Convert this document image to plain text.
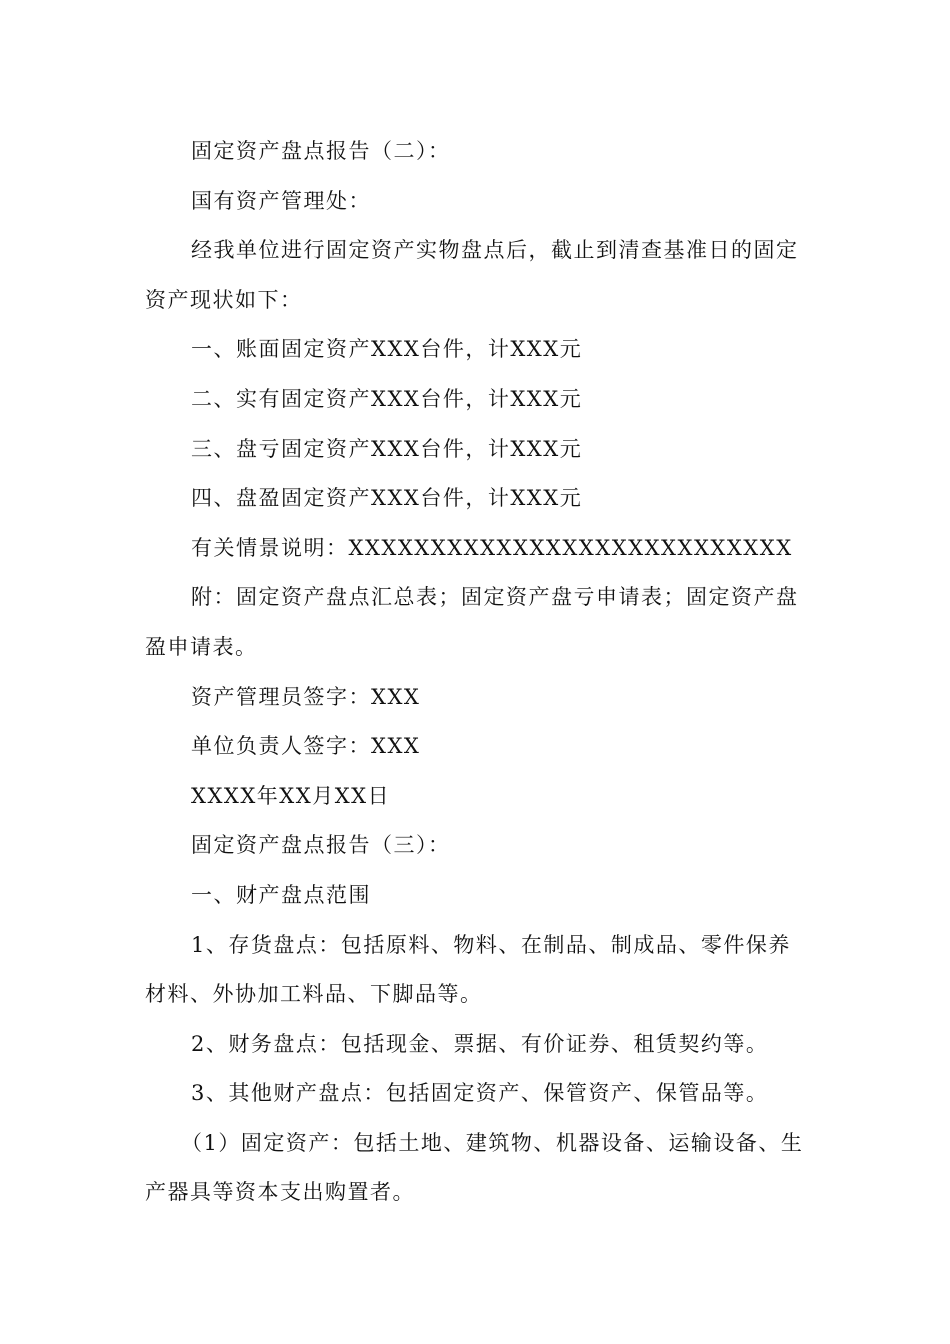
固定资产盘点报告（二）：

国有资产管理处：

经我单位进行固定资产实物盘点后，截止到清查基准日的固定资产现状如下：

一、账面固定资产XXX台件，计XXX元

二、实有固定资产XXX台件，计XXX元

三、盘亏固定资产XXX台件，计XXX元

四、盘盈固定资产XXX台件，计XXX元

有关情景说明：XXXXXXXXXXXXXXXXXXXXXXXXXXX

附：固定资产盘点汇总表；固定资产盘亏申请表；固定资产盘盈申请表。

资产管理员签字：XXX

单位负责人签字：XXX

XXXX年XX月XX日

固定资产盘点报告（三）：

一、财产盘点范围

1、存货盘点：包括原料、物料、在制品、制成品、零件保养材料、外协加工料品、下脚品等。

2、财务盘点：包括现金、票据、有价证券、租赁契约等。

3、其他财产盘点：包括固定资产、保管资产、保管品等。

（1）固定资产：包括土地、建筑物、机器设备、运输设备、生产器具等资本支出购置者。
